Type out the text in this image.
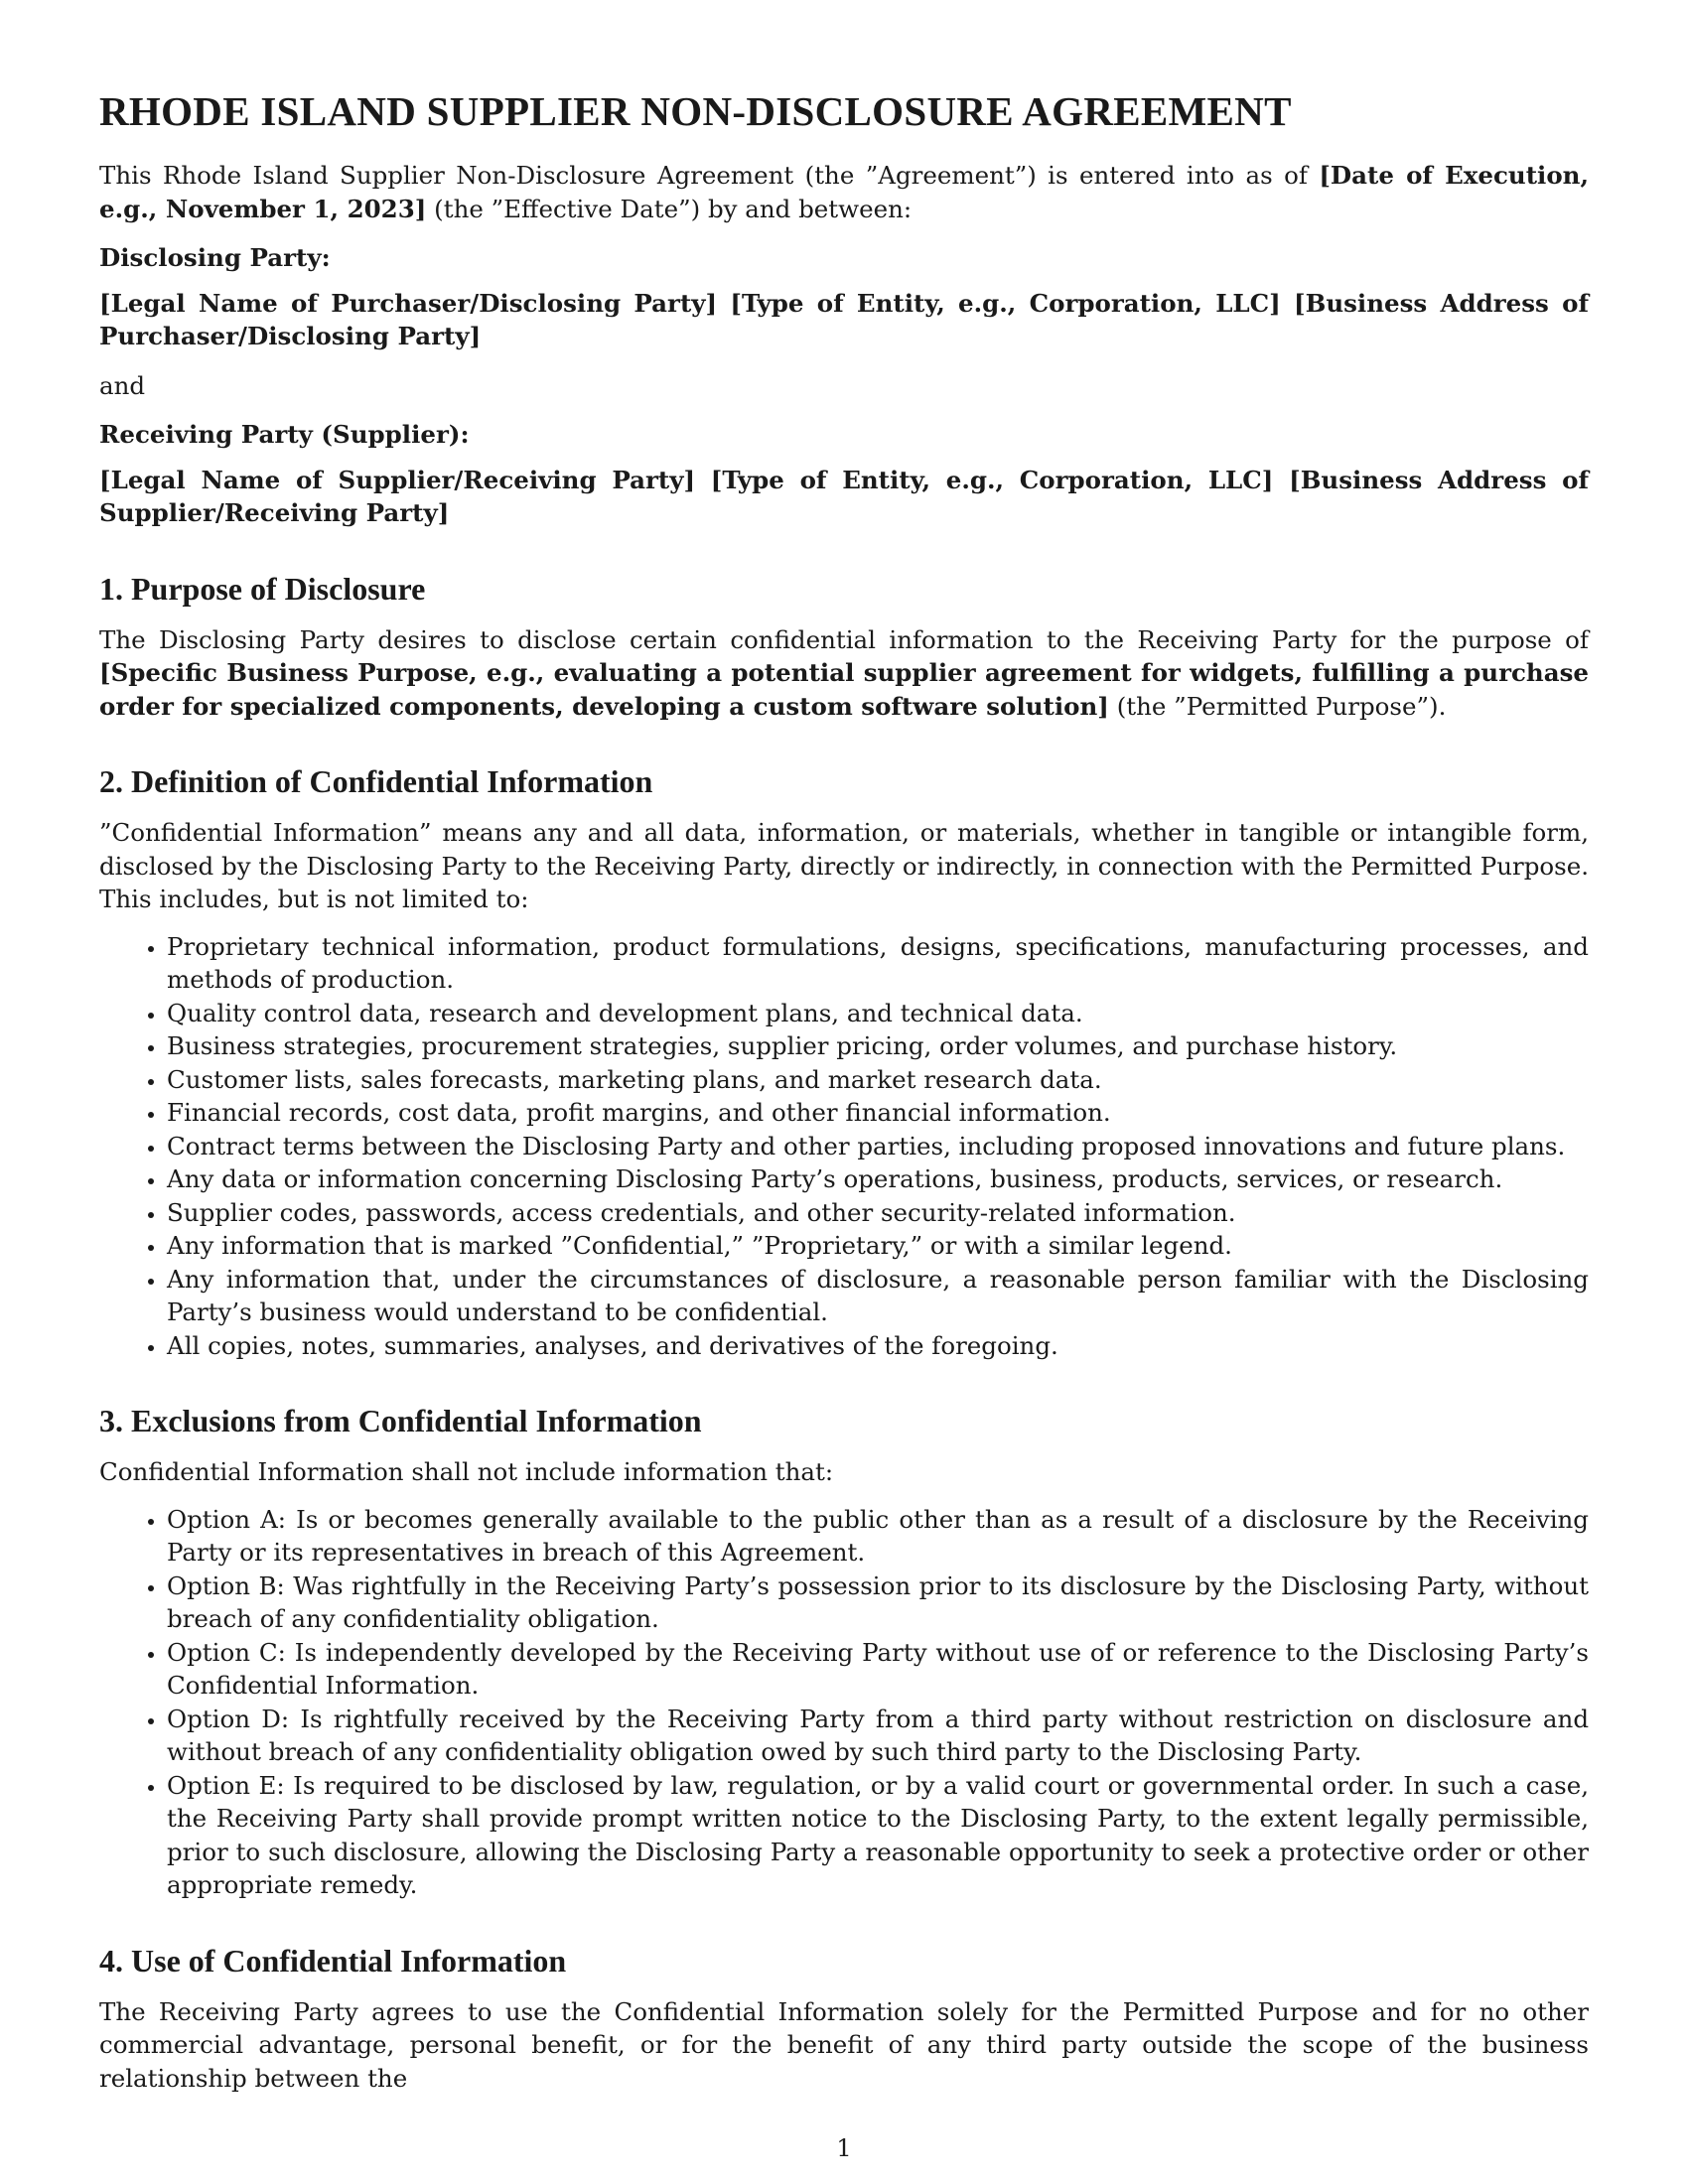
RHODE ISLAND SUPPLIER NON-DISCLOSURE AGREEMENT

This Rhode Island Supplier Non-Disclosure Agreement (the ”Agreement”) is entered into as of [Date of Execution, e.g., November 1, 2023] (the ”Effective Date”) by and between:

Disclosing Party:

[Legal Name of Purchaser/Disclosing Party] [Type of Entity, e.g., Corporation, LLC] [Business Address of Purchaser/Disclosing Party]

and

Receiving Party (Supplier):

[Legal Name of Supplier/Receiving Party] [Type of Entity, e.g., Corporation, LLC] [Business Address of Supplier/Receiving Party]

1. Purpose of Disclosure

The Disclosing Party desires to disclose certain confidential information to the Receiving Party for the purpose of [Specific Business Purpose, e.g., evaluating a potential supplier agreement for widgets, fulfilling a purchase order for specialized components, developing a custom software solution] (the ”Permitted Purpose”).

2. Definition of Confidential Information

”Confidential Information” means any and all data, information, or materials, whether in tangible or intangible form, disclosed by the Disclosing Party to the Receiving Party, directly or indirectly, in connection with the Permitted Purpose. This includes, but is not limited to:

• Proprietary technical information, product formulations, designs, specifications, manufacturing processes, and methods of production.
• Quality control data, research and development plans, and technical data.
• Business strategies, procurement strategies, supplier pricing, order volumes, and purchase history.
• Customer lists, sales forecasts, marketing plans, and market research data.
• Financial records, cost data, profit margins, and other financial information.
• Contract terms between the Disclosing Party and other parties, including proposed innovations and future plans.
• Any data or information concerning Disclosing Party’s operations, business, products, services, or research.
• Supplier codes, passwords, access credentials, and other security-related information.
• Any information that is marked ”Confidential,” ”Proprietary,” or with a similar legend.
• Any information that, under the circumstances of disclosure, a reasonable person familiar with the Disclosing Party’s business would understand to be confidential.
• All copies, notes, summaries, analyses, and derivatives of the foregoing.
3. Exclusions from Confidential Information

Confidential Information shall not include information that:

• Option A: Is or becomes generally available to the public other than as a result of a disclosure by the Receiving Party or its representatives in breach of this Agreement.
• Option B: Was rightfully in the Receiving Party’s possession prior to its disclosure by the Disclosing Party, without breach of any confidentiality obligation.
• Option C: Is independently developed by the Receiving Party without use of or reference to the Disclosing Party’s Confidential Information.
• Option D: Is rightfully received by the Receiving Party from a third party without restriction on disclosure and without breach of any confidentiality obligation owed by such third party to the Disclosing Party.
• Option E: Is required to be disclosed by law, regulation, or by a valid court or governmental order. In such a case, the Receiving Party shall provide prompt written notice to the Disclosing Party, to the extent legally permissible, prior to such disclosure, allowing the Disclosing Party a reasonable opportunity to seek a protective order or other appropriate remedy.
4. Use of Confidential Information

The Receiving Party agrees to use the Confidential Information solely for the Permitted Purpose and for no other commercial advantage, personal benefit, or for the benefit of any third party outside the scope of the business relationship between the

1
